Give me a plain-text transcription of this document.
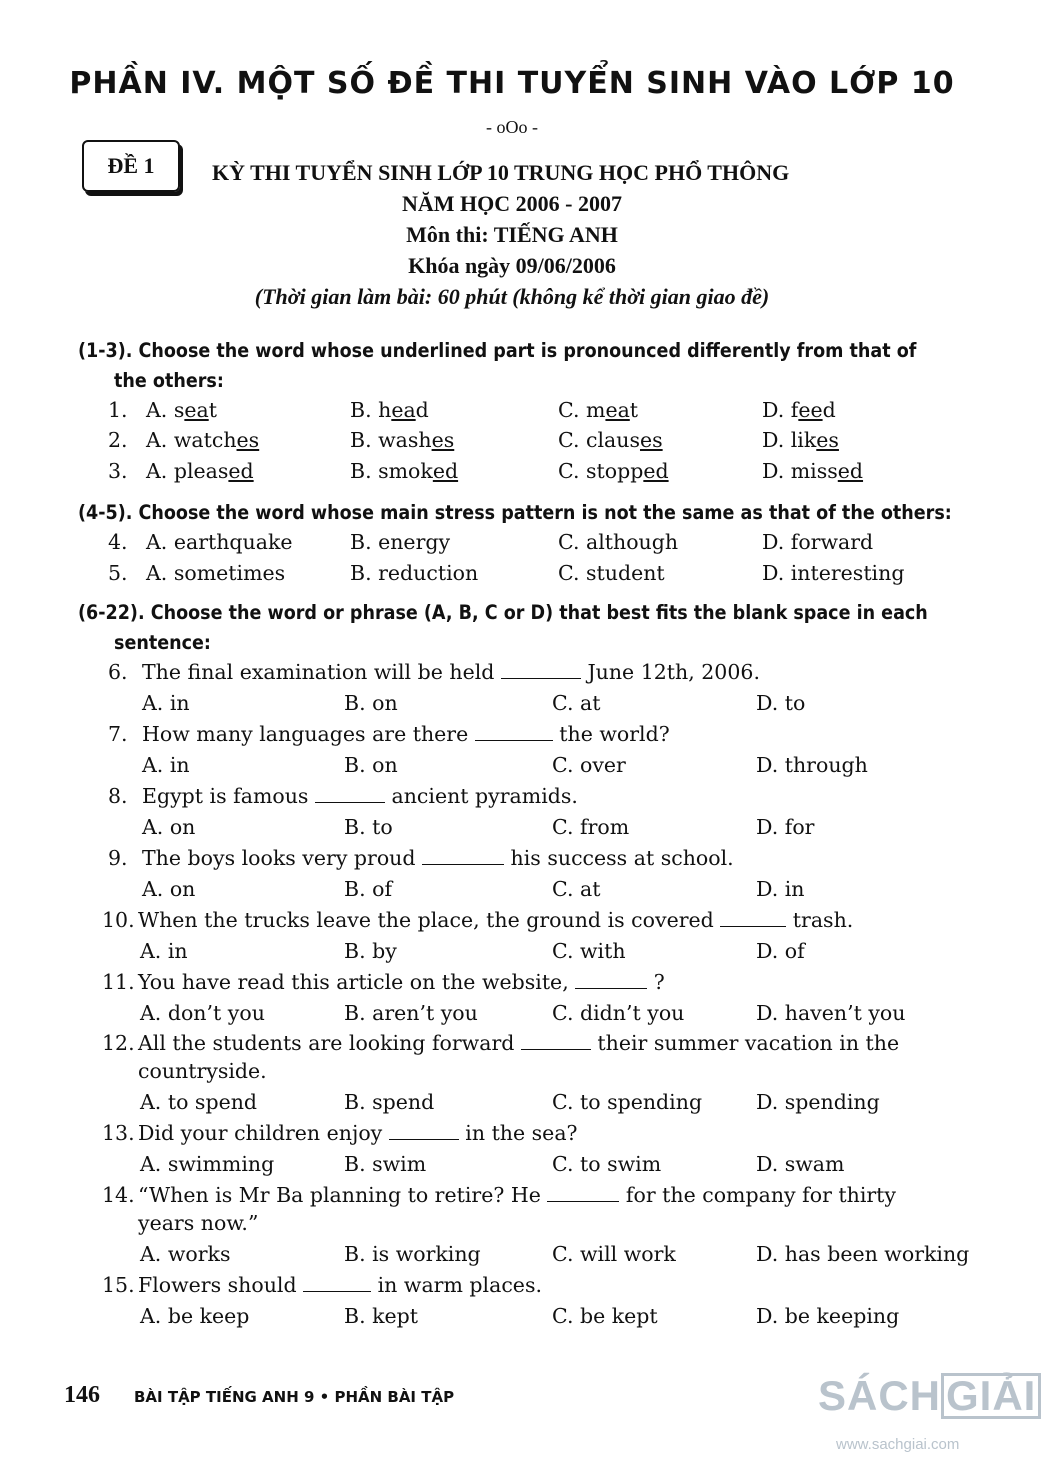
PHẦN IV. MỘT SỐ ĐỀ THI TUYỂN SINH VÀO LỚP 10
- oOo -
ĐỀ 1	KỲ THI TUYỂN SINH LỚP 10 TRUNG HỌC PHỔ THÔNG
NĂM HỌC 2006 - 2007
Môn thi: TIẾNG ANH
Khóa ngày 09/06/2006
(Thời gian làm bài: 60 phút (không kể thời gian giao đề)
(1-3). Choose the word whose underlined part is pronounced differently from that of
the others:
(4-5). Choose the word whose main stress pattern is not the same as that of the others:
(6-22). Choose the word or phrase (A, B, C or D) that best fits the blank space in each
sentence:
146 BÀI TẬP TIẾNG ANH 9 • PHẦN BÀI TẬP	SÁCH GIẢI
www.sachgiai.com
1. A. seat	B. head	C. meat	D. feed
2. A. watches	B. washes	C. clauses	D. likes
3. A. pleased	B. smoked	C. stopped	D. missed
4. A. earthquake	B. energy	C. although	D. forward
5. A. sometimes	B. reduction	C. student	D. interesting
6. The final examination will be held	June 12th, 2006.
A. in	B. on	C. at	D. to
7. How many languages are there	the world?
A. in	B. on	C. over	D. through
8. Egypt is famous	ancient pyramids.
A. on	B. to	C. from	D. for
9. The boys looks very proud	his success at school.
A. on	B. of	C. at	D. in
10. When the trucks leave the place, the ground is covered	trash.
A. in	B. by	C. with	D. of
11. You have read this article on the website,	?
A. don’t you	B. aren’t you	C. didn’t you	D. haven’t you
12. All the students are looking forward	their summer vacation in the
countryside.
A. to spend	B. spend	C. to spending	D. spending
13. Did your children enjoy	in the sea?
A. swimming	B. swim	C. to swim	D. swam
14. “When is Mr Ba planning to retire? He	for the company for thirty
years now.”
A. works	B. is working	C. will work	D. has been working
15. Flowers should	in warm places.
A. be keep	B. kept	C. be kept	D. be keeping
